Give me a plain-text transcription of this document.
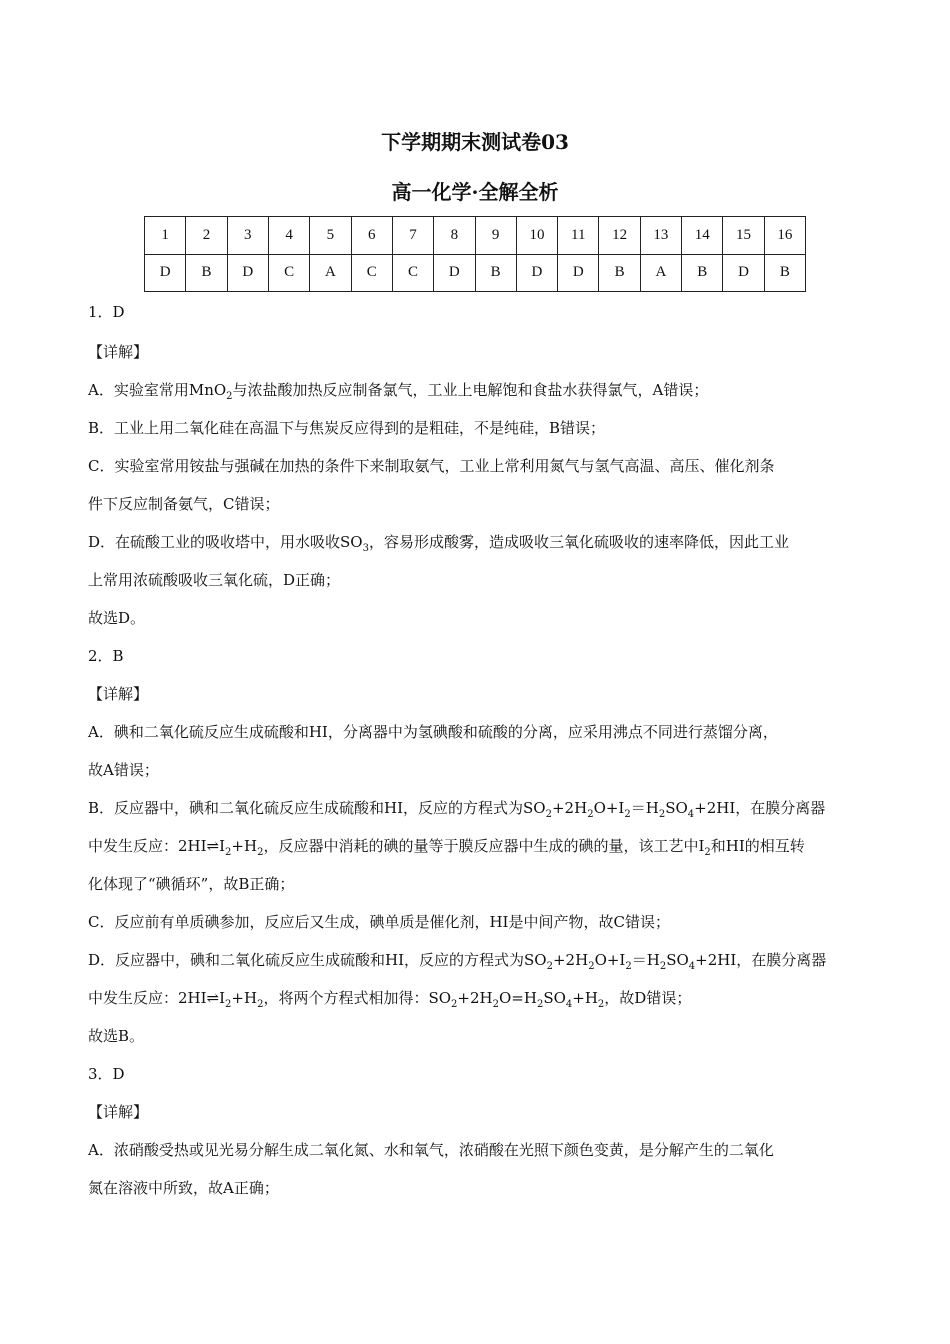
下学期期末测试卷03
高一化学·全解全析
1	2	3	4	5	6	7	8	9	10	11	12	13	14	15	16
D	B	D	C	A	C	C	D	B	D	D	B	A	B	D	B
1．D
【详解】
A．实验室常用MnO$_2$与浓盐酸加热反应制备氯气，工业上电解饱和食盐水获得氯气，A错误；
B．工业上用二氧化硅在高温下与焦炭反应得到的是粗硅，不是纯硅，B错误；
C．实验室常用铵盐与强碱在加热的条件下来制取氨气，工业上常利用氮气与氢气高温、高压、催化剂条
件下反应制备氨气，C错误；
D．在硫酸工业的吸收塔中，用水吸收$SO_3$，容易形成酸雾，造成吸收三氧化硫吸收的速率降低，因此工业
上常用浓硫酸吸收三氧化硫，D正确；
故选D。
2．B
【详解】
A．碘和二氧化硫反应生成硫酸和HI，分离器中为氢碘酸和硫酸的分离，应采用沸点不同进行蒸馏分离，
故A错误；
B．反应器中，碘和二氧化硫反应生成硫酸和HI，反应的方程式为$SO_2+2H_2O+I_2=H_2SO_4+2HI$，在膜分离器
中发生反应：$2HI\rightleftharpoons I_2+H_2$，反应器中消耗的碘的量等于膜反应器中生成的碘的量，该工艺中$I_2$和HI的相互转
化体现了“碘循环”，故B正确；
C．反应前有单质碘参加，反应后又生成，碘单质是催化剂，HI是中间产物，故C错误；
D．反应器中，碘和二氧化硫反应生成硫酸和HI，反应的方程式为$SO_2+2H_2O+I_2=H_2SO_4+2HI$，在膜分离器
中发生反应：$2HI\rightleftharpoons I_2+H_2$，将两个方程式相加得：$SO_2+2H_2O=H_2SO_4+H_2$，故D错误；
故选B。
3．D
【详解】
A．浓硝酸受热或见光易分解生成二氧化氮、水和氧气，浓硝酸在光照下颜色变黄，是分解产生的二氧化
氮在溶液中所致，故A正确；
